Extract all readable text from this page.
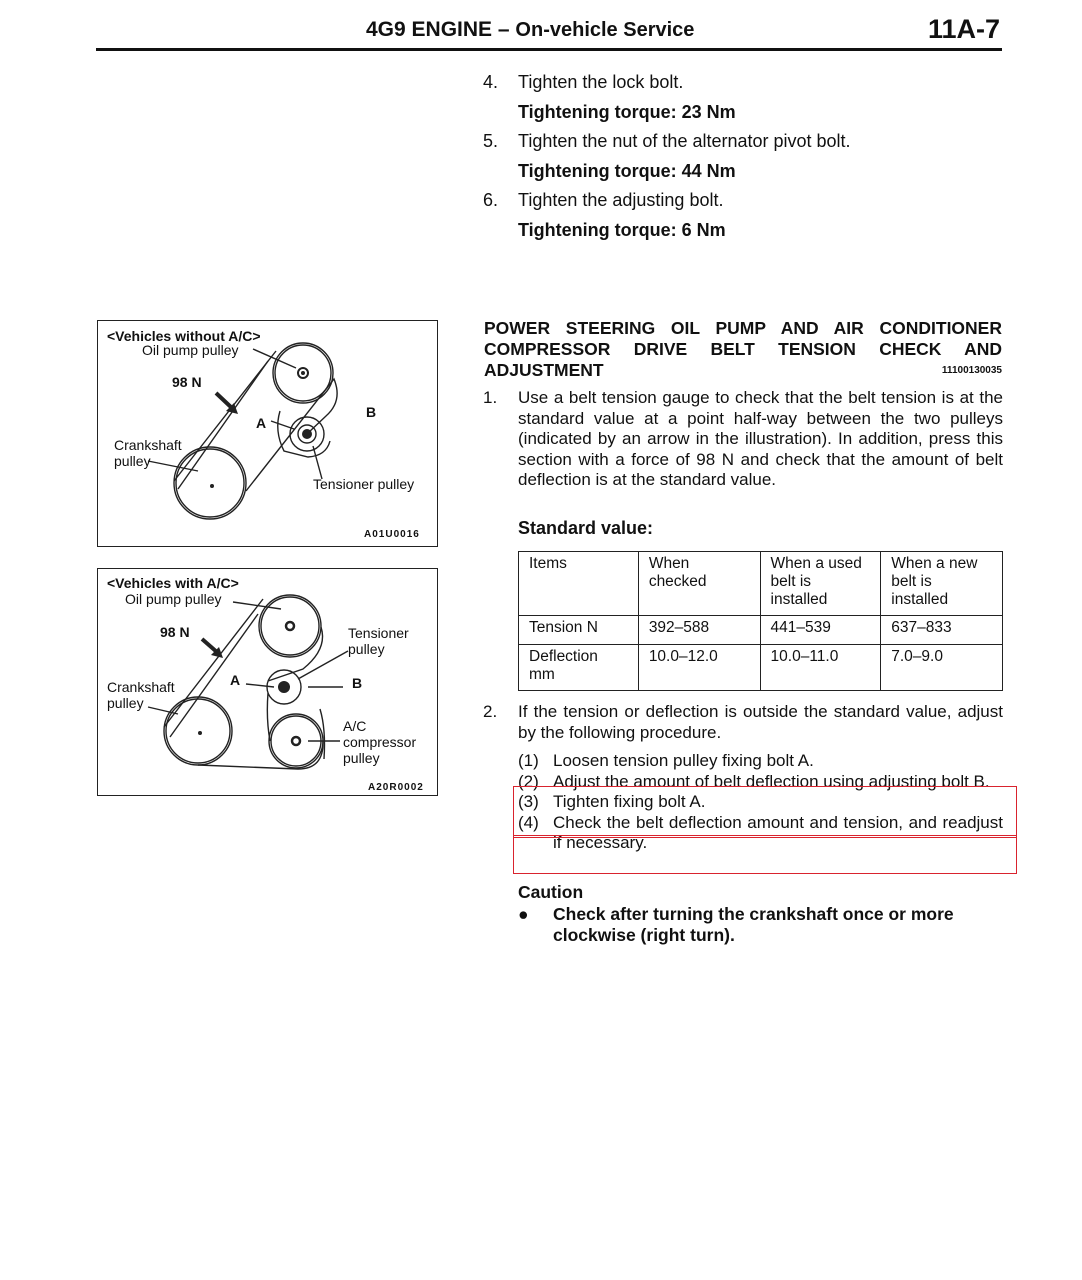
4G9 ENGINE – On-vehicle Service	11A-7
4.	Tighten the lock bolt.
Tightening torque: 23 Nm
5.	Tighten the nut of the alternator pivot bolt.
Tightening torque: 44 Nm
6.	Tighten the adjusting bolt.
Tightening torque: 6 Nm
<Vehicles without A/C>
Oil pump pulley
98 N
A
B
Crankshaft
pulley
Tensioner pulley
A01U0016
<Vehicles with A/C>
Oil pump pulley
98 N
A	B
Crankshaft
pulley
Tensioner
pulley
A/C
compressor
pulley
A20R0002
POWER STEERING OIL PUMP AND AIR CONDITIONER
COMPRESSOR DRIVE BELT TENSION CHECK AND
ADJUSTMENT	11100130035
1.	Use a belt tension gauge to check that the belt tension is at the standard value at a point half-way between the two pulleys (indicated by an arrow in the illustration). In addition, press this section with a force of 98 N and check that the amount of belt deflection is at the standard value.
Standard value:
Items	When checked	When a used belt is installed	When a new belt is installed
Tension N	392–588	441–539	637–833
Deflection mm	10.0–12.0	10.0–11.0	7.0–9.0
2.	If the tension or deflection is outside the standard value, adjust by the following procedure.
(1) Loosen tension pulley fixing bolt A.
(2) Adjust the amount of belt deflection using adjusting bolt B.
(3) Tighten fixing bolt A.
(4) Check the belt deflection amount and tension, and readjust if necessary.
Caution
●	Check after turning the crankshaft once or more clockwise (right turn).
